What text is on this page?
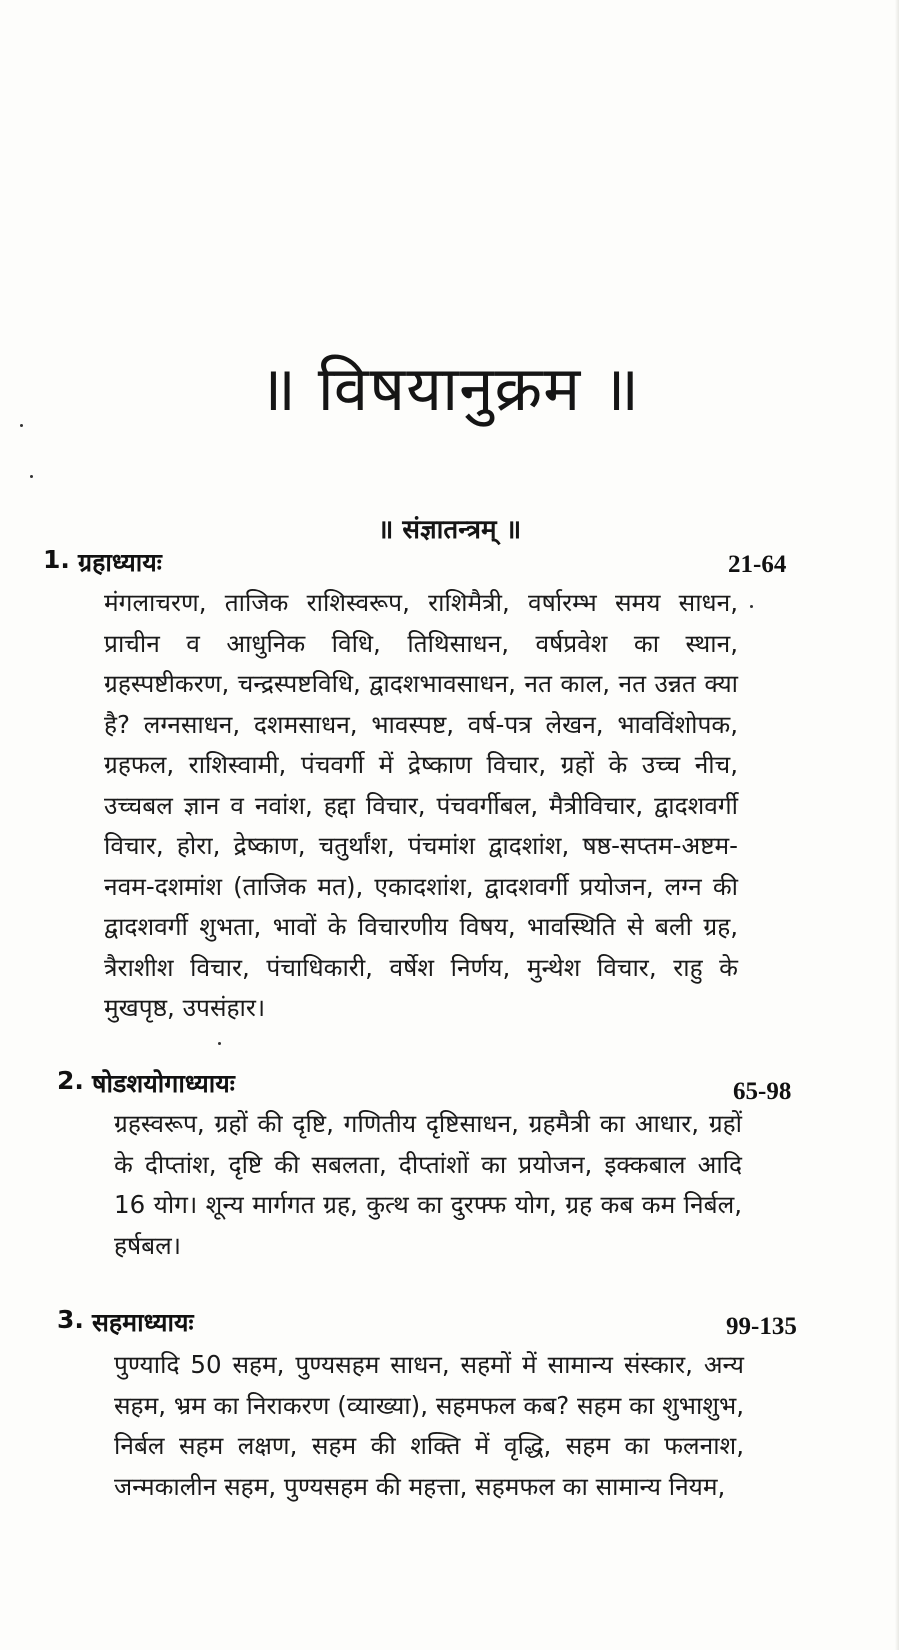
॥ विषयानुक्रम ॥
॥ संज्ञातन्त्रम् ॥
1. ग्रहाध्यायः	21-64
मंगलाचरण, ताजिक राशिस्वरूप, राशिमैत्री, वर्षारम्भ समय साधन, प्राचीन व आधुनिक विधि, तिथिसाधन, वर्षप्रवेश का स्थान, ग्रहस्पष्टीकरण, चन्द्रस्पष्टविधि, द्वादशभावसाधन, नत काल, नत उन्नत क्या है? लग्नसाधन, दशमसाधन, भावस्पष्ट, वर्ष-पत्र लेखन, भावविंशोपक, ग्रहफल, राशिस्वामी, पंचवर्गी में द्रेष्काण विचार, ग्रहों के उच्च नीच, उच्चबल ज्ञान व नवांश, हद्दा विचार, पंचवर्गीबल, मैत्रीविचार, द्वादशवर्गी विचार, होरा, द्रेष्काण, चतुर्थांश, पंचमांश द्वादशांश, षष्ठ-सप्तम-अष्टम-नवम-दशमांश (ताजिक मत), एकादशांश, द्वादशवर्गी प्रयोजन, लग्न की द्वादशवर्गी शुभता, भावों के विचारणीय विषय, भावस्थिति से बली ग्रह, त्रैराशीश विचार, पंचाधिकारी, वर्षेश निर्णय, मुन्थेश विचार, राहु के मुखपृष्ठ, उपसंहार।
2. षोडशयोगाध्यायः	65-98
ग्रहस्वरूप, ग्रहों की दृष्टि, गणितीय दृष्टिसाधन, ग्रहमैत्री का आधार, ग्रहों के दीप्तांश, दृष्टि की सबलता, दीप्तांशों का प्रयोजन, इक्कबाल आदि 16 योग। शून्य मार्गगत ग्रह, कुत्थ का दुरफ्फ योग, ग्रह कब कम निर्बल, हर्षबल।
3. सहमाध्यायः	99-135
पुण्यादि 50 सहम, पुण्यसहम साधन, सहमों में सामान्य संस्कार, अन्य सहम, भ्रम का निराकरण (व्याख्या), सहमफल कब? सहम का शुभाशुभ, निर्बल सहम लक्षण, सहम की शक्ति में वृद्धि, सहम का फलनाश, जन्मकालीन सहम, पुण्यसहम की महत्ता, सहमफल का सामान्य नियम,
